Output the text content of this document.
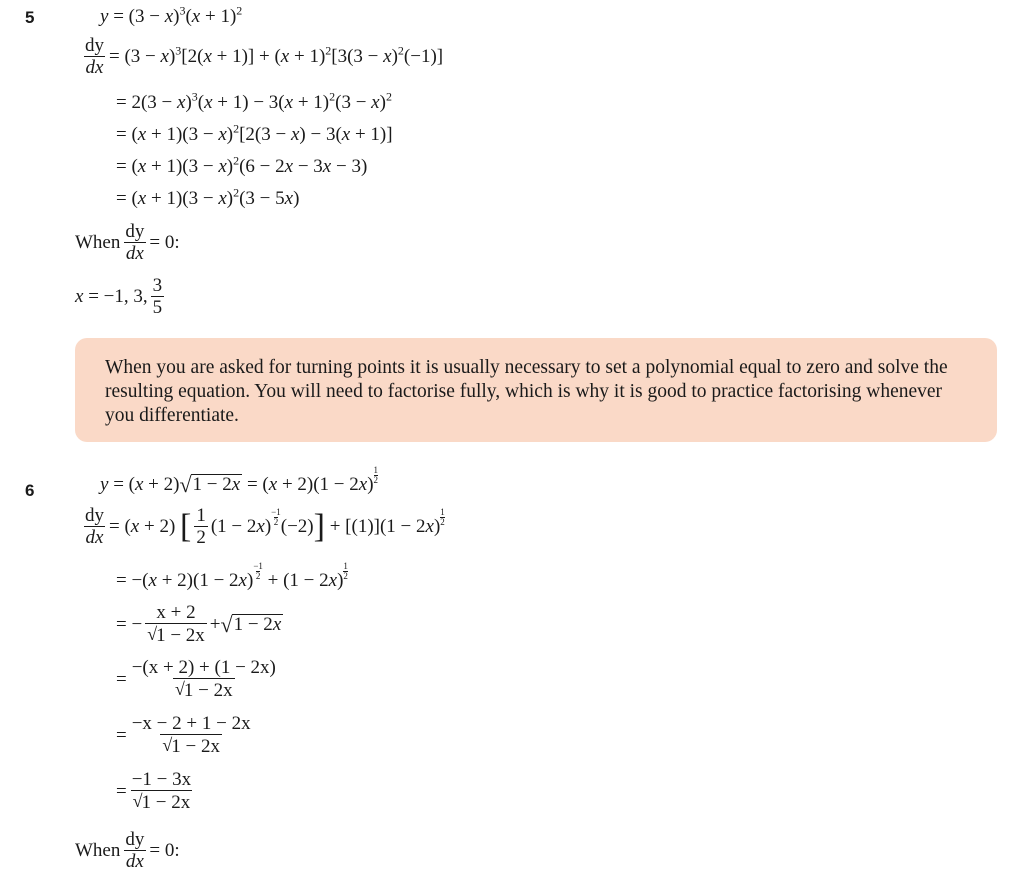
5	$y = (3 - x)^3(x + 1)^2$
$\frac{dy}{dx} = (3 - x)^3[2(x + 1)] + (x + 1)^2[3(3 - x)^2(-1)]$
= $2(3 - x)^3(x + 1) - 3(x + 1)^2(3 - x)^2$
= $(x + 1)(3 - x)^2[2(3 - x) - 3(x + 1)]$
= $(x + 1)(3 - x)^2(6 - 2x - 3x - 3)$
= $(x + 1)(3 - x)^2(3 - 5x)$
When $\frac{dy}{dx} = 0$:
x = −1, 3, $\frac{3}{5}$
When you are asked for turning points it is usually necessary to set a polynomial equal to zero and solve the resulting equation. You will need to factorise fully, which is why it is good to practice factorising whenever you differentiate.
6	y = (x + 2) √ 1 − 2x = (x + 2)(1 − 2x)
1
2
$\frac{dy}{dx} = (x + 2)$ [ $\frac{1}{2} (1 - 2x)$
−1
2 (−2) ] + [(1)](1 − 2x)
1
2
= −(x + 2)(1 − 2x)
−1
2 + (1 − 2x)
1
2
= − $\frac{x + 2}{√ 1 - 2x}$ + √ 1 − 2x
= $\frac{-(x + 2) + (1 - 2x)}{√ 1 - 2x}$
= $\frac{-x - 2 + 1 - 2x}{√ 1 - 2x}$
= $\frac{-1 - 3x}{√ 1 - 2x}$
When $\frac{dy}{dx} = 0$:
